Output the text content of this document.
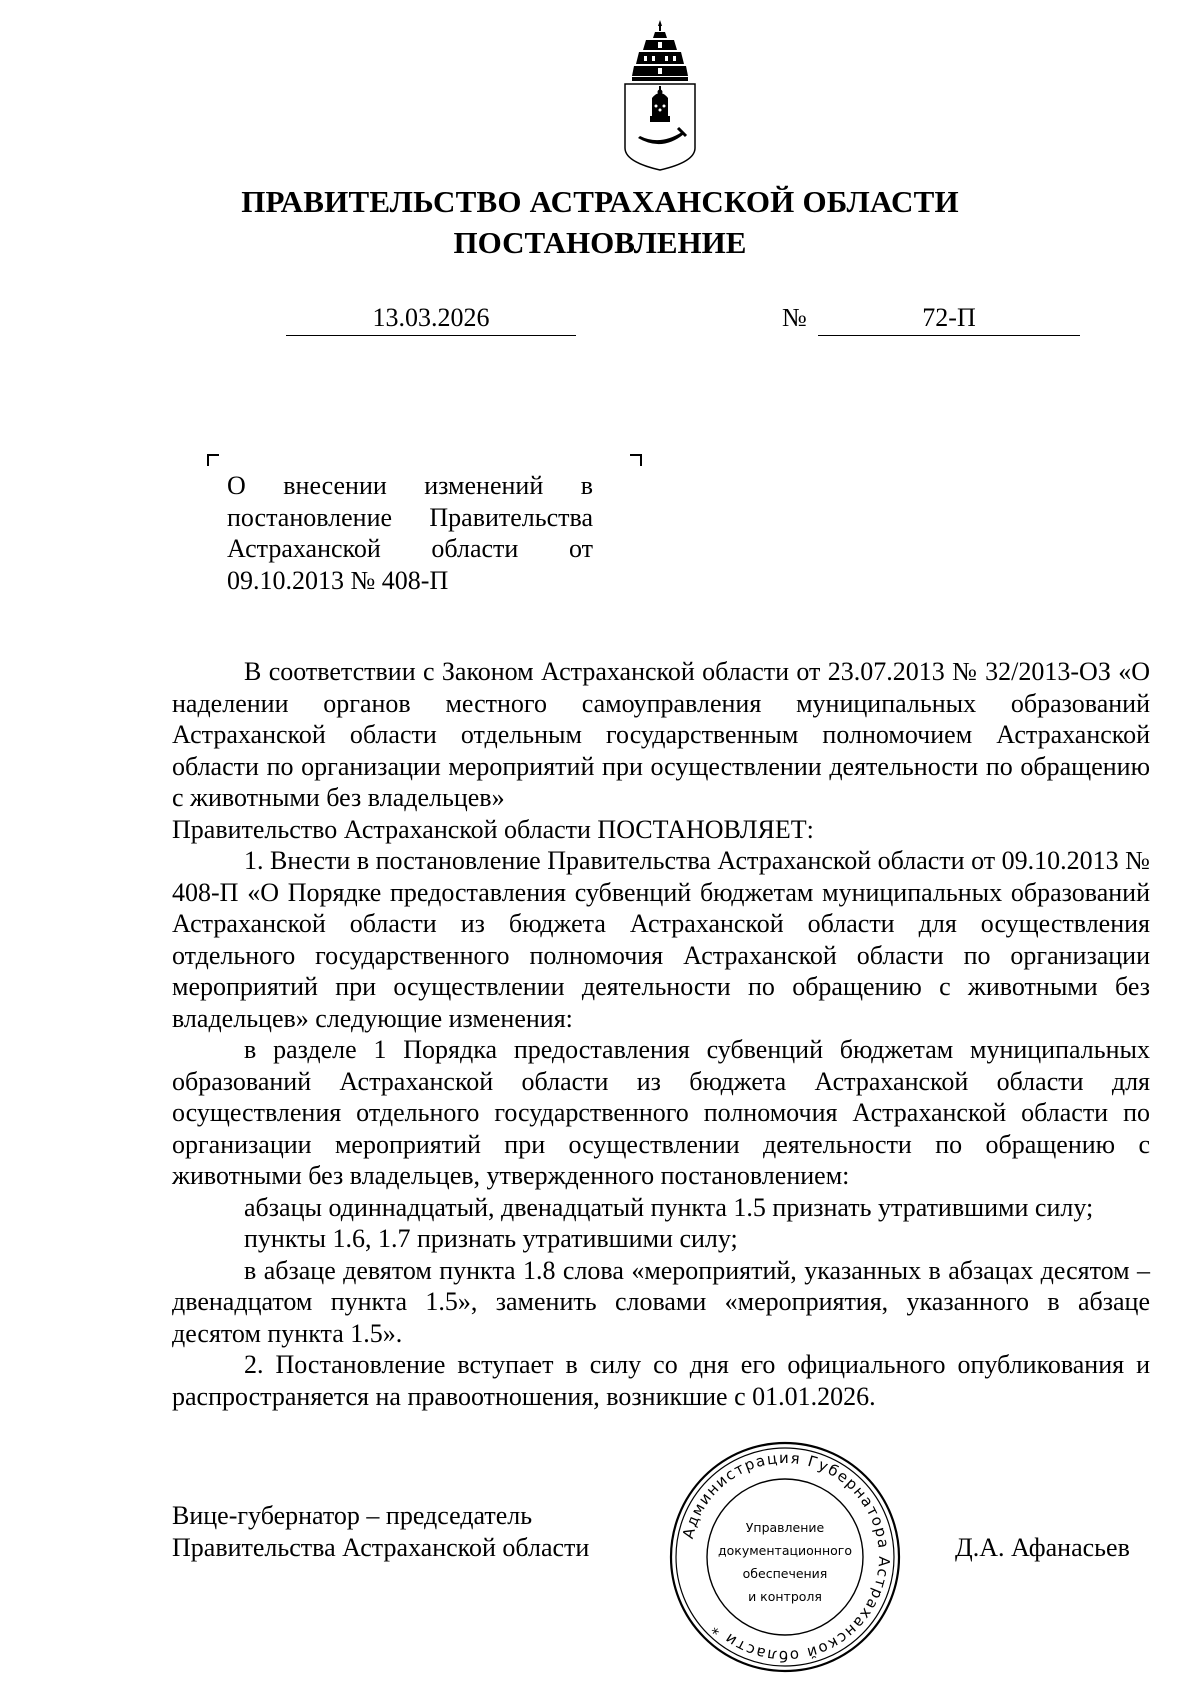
ПРАВИТЕЛЬСТВО АСТРАХАНСКОЙ ОБЛАСТИ
ПОСТАНОВЛЕНИЕ
13.03.2026	№	72-П
О внесении изменений в
постановление Правительства
Астраханской области от
09.10.2013 № 408-П

В соответствии с Законом Астраханской области от 23.07.2013 № 32/2013-ОЗ «О наделении органов местного самоуправления муниципальных образований Астраханской области отдельным государственным полномочием Астраханской области по организации мероприятий при осуществлении деятельности по обращению с животными без владельцев»

Правительство Астраханской области ПОСТАНОВЛЯЕТ:

1. Внести в постановление Правительства Астраханской области от 09.10.2013 № 408-П «О Порядке предоставления субвенций бюджетам муниципальных образований Астраханской области из бюджета Астраханской области для осуществления отдельного государственного полномочия Астраханской области по организации мероприятий при осуществлении деятельности по обращению с животными без владельцев» следующие изменения:

в разделе 1 Порядка предоставления субвенций бюджетам муниципальных образований Астраханской области из бюджета Астраханской области для осуществления отдельного государственного полномочия Астраханской области по организации мероприятий при осуществлении деятельности по обращению с животными без владельцев, утвержденного постановлением:

абзацы одиннадцатый, двенадцатый пункта 1.5 признать утратившими силу;

пункты 1.6, 1.7 признать утратившими силу;

в абзаце девятом пункта 1.8 слова «мероприятий, указанных в абзацах десятом – двенадцатом пункта 1.5», заменить словами «мероприятия, указанного в абзаце десятом пункта 1.5».

2. Постановление вступает в силу со дня его официального опубликования и распространяется на правоотношения, возникшие с 01.01.2026.

Вице-губернатор – председатель
Правительства Астраханской области
Администрация Губернатора Астраханской области *
Управление
документационного
обеспечения
и контроля
Д.А. Афанасьев
